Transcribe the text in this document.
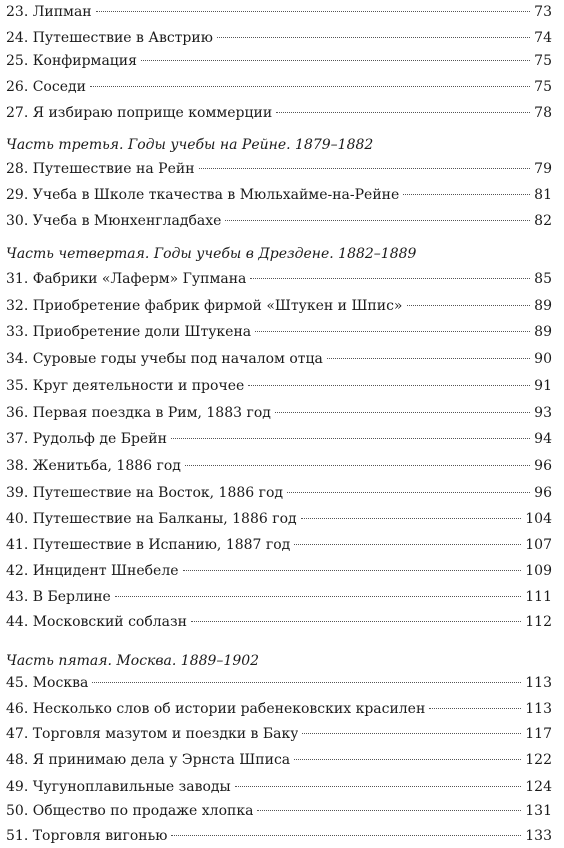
23. Липман	73
24. Путешествие в Австрию	74
25. Конфирмация	75
26. Соседи	75
27. Я избираю поприще коммерции	78
Часть третья. Годы учебы на Рейне. 1879–1882
28. Путешествие на Рейн	79
29. Учеба в Школе ткачества в Мюльхайме-на-Рейне	81
30. Учеба в Мюнхенгладбахе	82
Часть четвертая. Годы учебы в Дрездене. 1882–1889
31. Фабрики «Лаферм» Гупмана	85
32. Приобретение фабрик фирмой «Штукен и Шпис»	89
33. Приобретение доли Штукена	89
34. Суровые годы учебы под началом отца	90
35. Круг деятельности и прочее	91
36. Первая поездка в Рим, 1883 год	93
37. Рудольф де Брейн	94
38. Женитьба, 1886 год	96
39. Путешествие на Восток, 1886 год	96
40. Путешествие на Балканы, 1886 год	104
41. Путешествие в Испанию, 1887 год	107
42. Инцидент Шнебеле	109
43. В Берлине	111
44. Московский соблазн	112
Часть пятая. Москва. 1889–1902
45. Москва	113
46. Несколько слов об истории рабенековских красилен	113
47. Торговля мазутом и поездки в Баку	117
48. Я принимаю дела у Эрнста Шписа	122
49. Чугуноплавильные заводы	124
50. Общество по продаже хлопка	131
51. Торговля вигонью	133
